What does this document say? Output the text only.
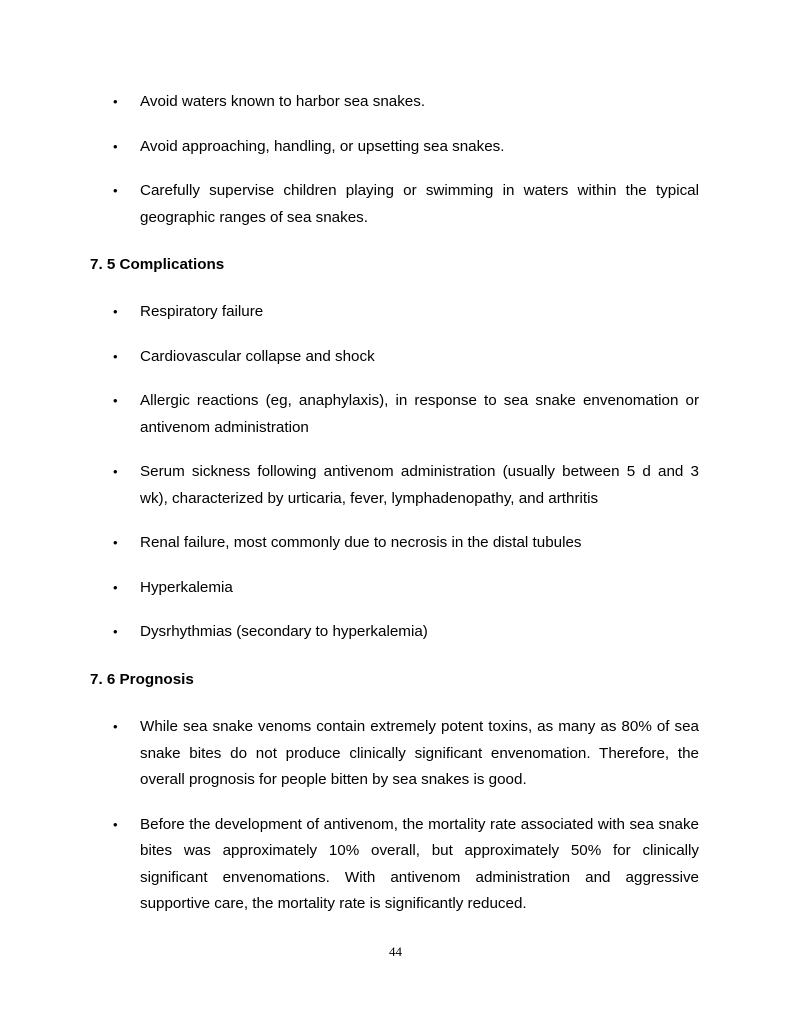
• Avoid waters known to harbor sea snakes.
• Avoid approaching, handling, or upsetting sea snakes.
• Carefully supervise children playing or swimming in waters within the typical geographic ranges of sea snakes.
7. 5 Complications
• Respiratory failure
• Cardiovascular collapse and shock
• Allergic reactions (eg, anaphylaxis), in response to sea snake envenomation or antivenom administration
• Serum sickness following antivenom administration (usually between 5 d and 3 wk), characterized by urticaria, fever, lymphadenopathy, and arthritis
• Renal failure, most commonly due to necrosis in the distal tubules
• Hyperkalemia
• Dysrhythmias (secondary to hyperkalemia)
7. 6 Prognosis
• While sea snake venoms contain extremely potent toxins, as many as 80% of sea snake bites do not produce clinically significant envenomation. Therefore, the overall prognosis for people bitten by sea snakes is good.
• Before the development of antivenom, the mortality rate associated with sea snake bites was approximately 10% overall, but approximately 50% for clinically significant envenomations. With antivenom administration and aggressive supportive care, the mortality rate is significantly reduced.
44
